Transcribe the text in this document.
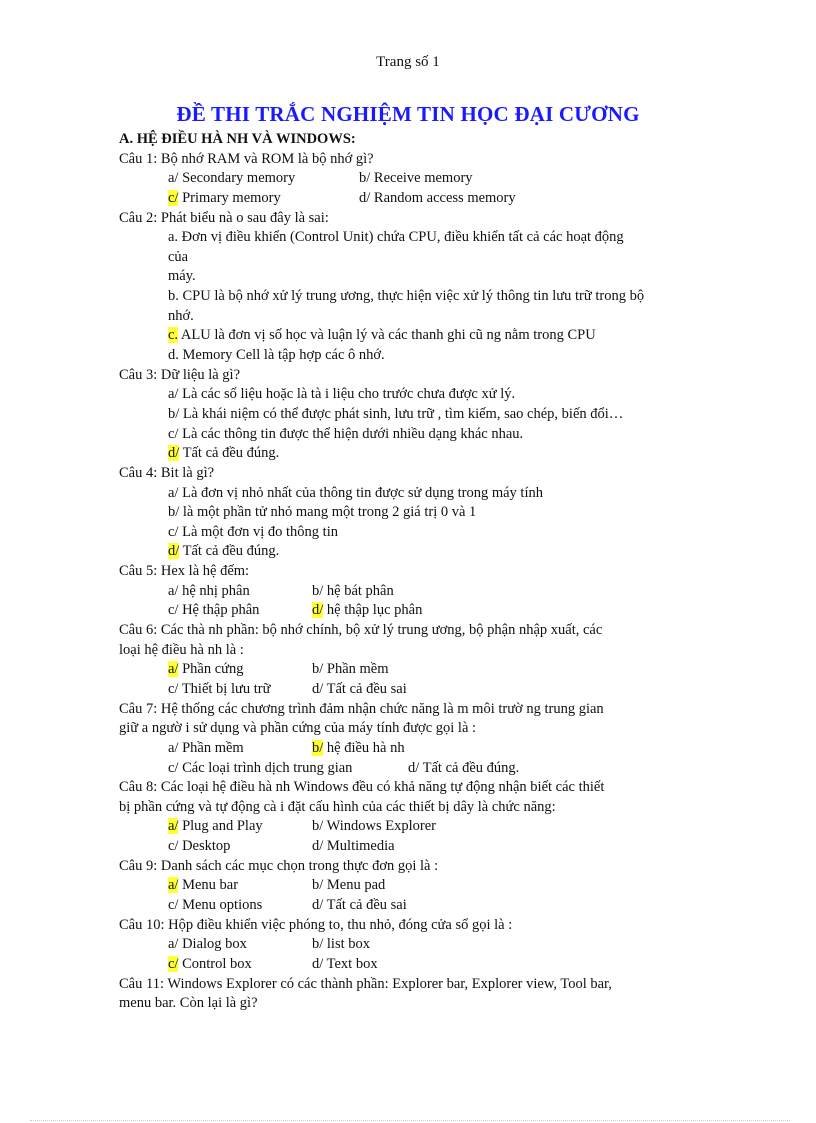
Trang số 1
ĐỀ THI TRẮC NGHIỆM TIN HỌC ĐẠI CƯƠNG
A. HỆ ĐIỀU HÀ NH VÀ WINDOWS:
Câu 1: Bộ nhớ RAM và ROM là bộ nhớ gì?
a/ Secondary memory	b/ Receive memory
c/ Primary memory	d/ Random access memory
Câu 2: Phát biểu nà o sau đây là sai:
a. Đơn vị điều khiển (Control Unit) chứa CPU, điều khiển tất cả các hoạt động
của
máy.
b. CPU là bộ nhớ xử lý trung ương, thực hiện việc xử lý thông tin lưu trữ trong bộ
nhớ.
c. ALU là đơn vị số học và luận lý và các thanh ghi cũ ng nằm trong CPU
d. Memory Cell là tập hợp các ô nhớ.
Câu 3: Dữ liệu là gì?
a/ Là các số liệu hoặc là tà i liệu cho trước chưa được xử lý.
b/ Là khái niệm có thể được phát sinh, lưu trữ , tìm kiếm, sao chép, biến đổi…
c/ Là các thông tin được thể hiện dưới nhiều dạng khác nhau.
d/ Tất cả đều đúng.
Câu 4: Bit là gì?
a/ Là đơn vị nhỏ nhất của thông tin được sử dụng trong máy tính
b/ là một phần tử nhỏ mang một trong 2 giá trị 0 và 1
c/ Là một đơn vị đo thông tin
d/ Tất cả đều đúng.
Câu 5: Hex là hệ đếm:
a/ hệ nhị phân	b/ hệ bát phân
c/ Hệ thập phân	d/ hệ thập lục phân
Câu 6: Các thà nh phần: bộ nhớ chính, bộ xử lý trung ương, bộ phận nhập xuất, các
loại hệ điều hà nh là :
a/ Phần cứng	b/ Phần mềm
c/ Thiết bị lưu trữ	d/ Tất cả đều sai
Câu 7: Hệ thống các chương trình đảm nhận chức năng là m môi trườ ng trung gian
giữ a ngườ i sử dụng và phần cứng của máy tính được gọi là :
a/ Phần mềm	b/ hệ điều hà nh
c/ Các loại trình dịch trung gian	d/ Tất cả đều đúng.
Câu 8: Các loại hệ điều hà nh Windows đều có khả năng tự động nhận biết các thiết
bị phần cứng và tự động cà i đặt cấu hình của các thiết bị dây là chức năng:
a/ Plug and Play	b/ Windows Explorer
c/ Desktop	d/ Multimedia
Câu 9: Danh sách các mục chọn trong thực đơn gọi là :
a/ Menu bar	b/ Menu pad
c/ Menu options	d/ Tất cả đều sai
Câu 10: Hộp điều khiển việc phóng to, thu nhỏ, đóng cửa sổ gọi là :
a/ Dialog box	b/ list box
c/ Control box	d/ Text box
Câu 11: Windows Explorer có các thành phần: Explorer bar, Explorer view, Tool bar,
menu bar. Còn lại là gì?
